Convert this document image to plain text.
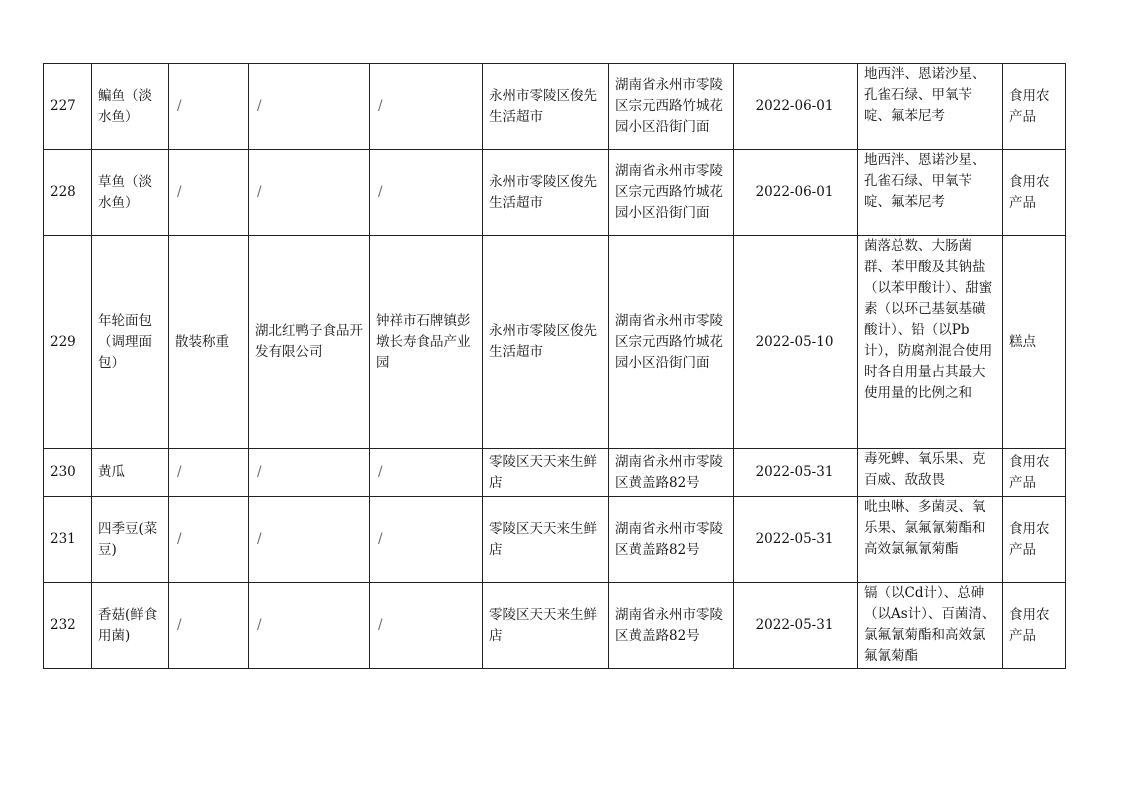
227	鳊鱼（淡水鱼）	/	/	/	永州市零陵区俊先生活超市	湖南省永州市零陵区宗元西路竹城花园小区沿街门面	2022-06-01	地西泮、恩诺沙星、孔雀石绿、甲氧苄啶、氟苯尼考	食用农产品
228	草鱼（淡水鱼）	/	/	/	永州市零陵区俊先生活超市	湖南省永州市零陵区宗元西路竹城花园小区沿街门面	2022-06-01	地西泮、恩诺沙星、孔雀石绿、甲氧苄啶、氟苯尼考	食用农产品
229	年轮面包（调理面包）	散装称重	湖北红鸭子食品开发有限公司	钟祥市石牌镇彭墩长寿食品产业园	永州市零陵区俊先生活超市	湖南省永州市零陵区宗元西路竹城花园小区沿街门面	2022-05-10	菌落总数、大肠菌群、苯甲酸及其钠盐（以苯甲酸计）、甜蜜素（以环己基氨基磺酸计）、铅（以Pb计），防腐剂混合使用时各自用量占其最大使用量的比例之和	糕点
230	黄瓜	/	/	/	零陵区天天来生鲜店	湖南省永州市零陵区黄盖路82号	2022-05-31	毒死蜱、氧乐果、克百威、敌敌畏	食用农产品
231	四季豆(菜豆)	/	/	/	零陵区天天来生鲜店	湖南省永州市零陵区黄盖路82号	2022-05-31	吡虫啉、多菌灵、氧乐果、氯氟氰菊酯和高效氯氟氰菊酯	食用农产品
232	香菇(鲜食用菌)	/	/	/	零陵区天天来生鲜店	湖南省永州市零陵区黄盖路82号	2022-05-31	镉（以Cd计）、总砷（以As计）、百菌清、氯氟氰菊酯和高效氯氟氰菊酯	食用农产品
